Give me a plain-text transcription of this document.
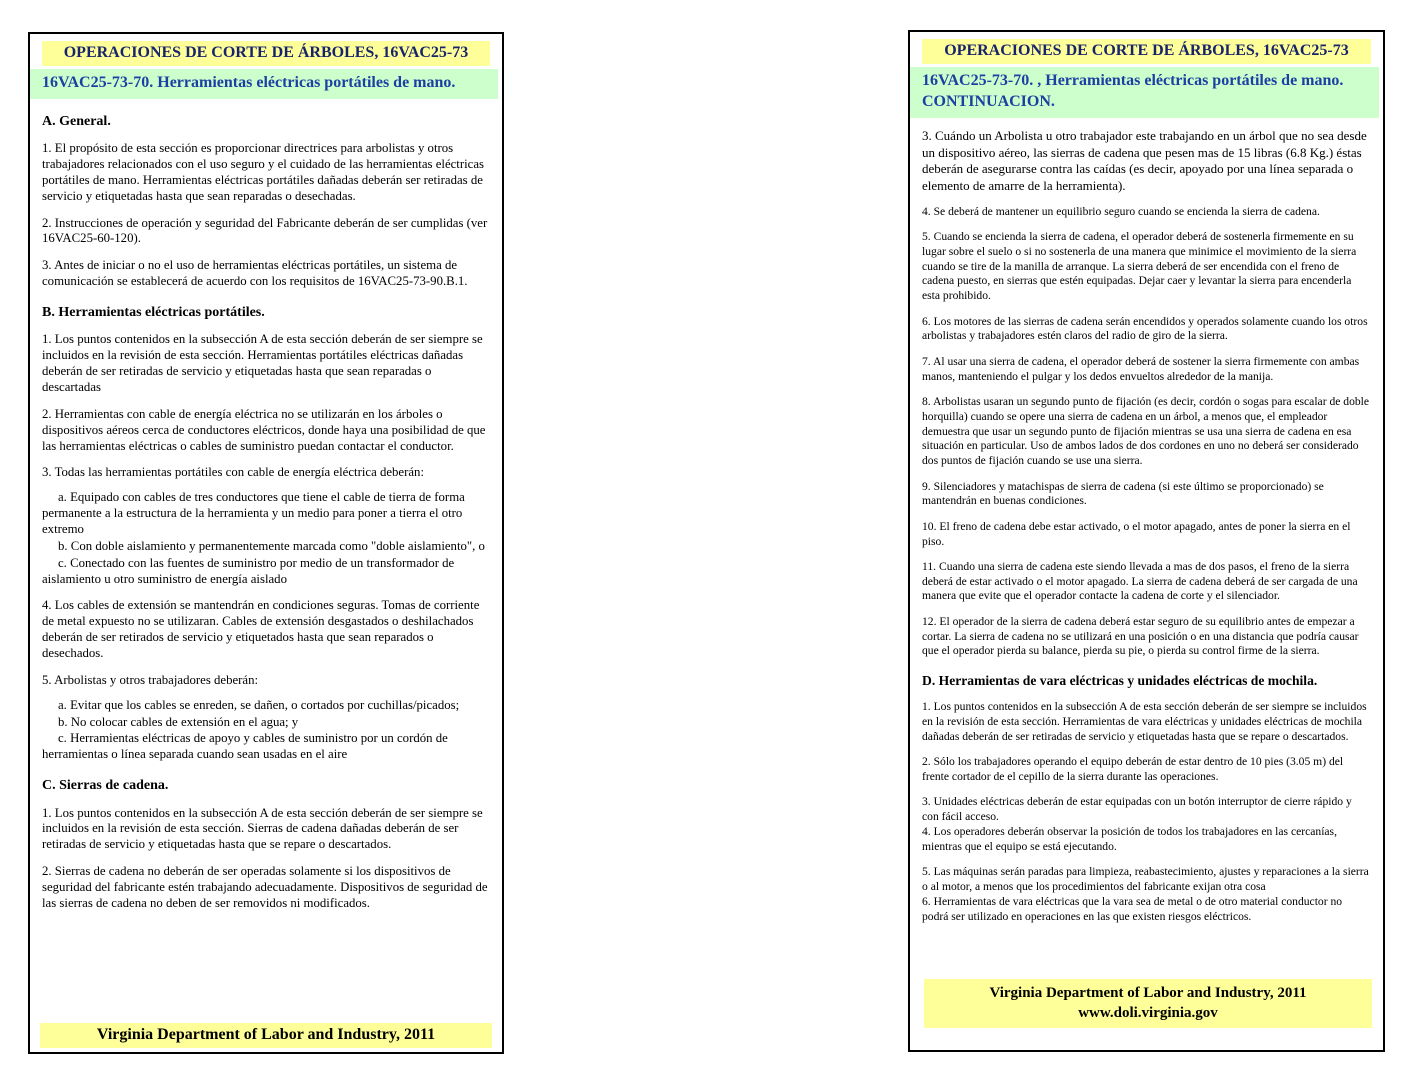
OPERACIONES DE CORTE DE ÁRBOLES, 16VAC25-73
16VAC25-73-70. Herramientas eléctricas portátiles de mano.

A. General.

1. El propósito de esta sección es proporcionar directrices para arbolistas y otros trabajadores relacionados con el uso seguro y el cuidado de las herramientas eléctricas portátiles de mano. Herramientas eléctricas portátiles dañadas deberán ser retiradas de servicio y etiquetadas hasta que sean reparadas o desechadas.

2. Instrucciones de operación y seguridad del Fabricante deberán de ser cumplidas (ver 16VAC25-60-120).

3. Antes de iniciar o no el uso de herramientas eléctricas portátiles, un sistema de comunicación se establecerá de acuerdo con los requisitos de 16VAC25-73-90.B.1.

B. Herramientas eléctricas portátiles.

1. Los puntos contenidos en la subsección A de esta sección deberán de ser siempre se incluidos en la revisión de esta sección. Herramientas portátiles eléctricas dañadas deberán de ser retiradas de servicio y etiquetadas hasta que sean reparadas o descartadas

2. Herramientas con cable de energía eléctrica no se utilizarán en los árboles o dispositivos aéreos cerca de conductores eléctricos, donde haya una posibilidad de que las herramientas eléctricas o cables de suministro puedan contactar el conductor.

3. Todas las herramientas portátiles con cable de energía eléctrica deberán:

a. Equipado con cables de tres conductores que tiene el cable de tierra de forma permanente a la estructura de la herramienta y un medio para poner a tierra el otro extremo

b. Con doble aislamiento y permanentemente marcada como "doble aislamiento", o

c. Conectado con las fuentes de suministro por medio de un transformador de aislamiento u otro suministro de energía aislado

4. Los cables de extensión se mantendrán en condiciones seguras. Tomas de corriente de metal expuesto no se utilizaran. Cables de extensión desgastados o deshilachados deberán de ser retirados de servicio y etiquetados hasta que sean reparados o desechados.

5. Arbolistas y otros trabajadores deberán:

a. Evitar que los cables se enreden, se dañen, o cortados por cuchillas/picados;

b. No colocar cables de extensión en el agua; y

c. Herramientas eléctricas de apoyo y cables de suministro por un cordón de herramientas o línea separada cuando sean usadas en el aire

C. Sierras de cadena.

1. Los puntos contenidos en la subsección A de esta sección deberán de ser siempre se incluidos en la revisión de esta sección. Sierras de cadena dañadas deberán de ser retiradas de servicio y etiquetadas hasta que se repare o descartados.

2. Sierras de cadena no deberán de ser operadas solamente si los dispositivos de seguridad del fabricante estén trabajando adecuadamente. Dispositivos de seguridad de las sierras de cadena no deben de ser removidos ni modificados.

Virginia Department of Labor and Industry, 2011
OPERACIONES DE CORTE DE ÁRBOLES, 16VAC25-73
16VAC25-73-70. , Herramientas eléctricas portátiles de mano.
CONTINUACION.

3. Cuándo un Arbolista u otro trabajador este trabajando en un árbol que no sea desde un dispositivo aéreo, las sierras de cadena que pesen mas de 15 libras (6.8 Kg.) éstas deberán de asegurarse contra las caídas (es decir, apoyado por una línea separada o elemento de amarre de la herramienta).

4. Se deberá de mantener un equilibrio seguro cuando se encienda la sierra de cadena.

5. Cuando se encienda la sierra de cadena, el operador deberá de sostenerla firmemente en su lugar sobre el suelo o si no sostenerla de una manera que minimice el movimiento de la sierra cuando se tire de la manilla de arranque. La sierra deberá de ser encendida con el freno de cadena puesto, en sierras que estén equipadas. Dejar caer y levantar la sierra para encenderla esta prohibido.

6. Los motores de las sierras de cadena serán encendidos y operados solamente cuando los otros arbolistas y trabajadores estén claros del radio de giro de la sierra.

7. Al usar una sierra de cadena, el operador deberá de sostener la sierra firmemente con ambas manos, manteniendo el pulgar y los dedos envueltos alrededor de la manija.

8. Arbolistas usaran un segundo punto de fijación (es decir, cordón o sogas para escalar de doble horquilla) cuando se opere una sierra de cadena en un árbol, a menos que, el empleador demuestra que usar un segundo punto de fijación mientras se usa una sierra de cadena en esa situación en particular. Uso de ambos lados de dos cordones en uno no deberá ser considerado dos puntos de fijación cuando se use una sierra.

9. Silenciadores y matachispas de sierra de cadena (si este último se proporcionado) se mantendrán en buenas condiciones.

10. El freno de cadena debe estar activado, o el motor apagado, antes de poner la sierra en el piso.

11. Cuando una sierra de cadena este siendo llevada a mas de dos pasos, el freno de la sierra deberá de estar activado o el motor apagado. La sierra de cadena deberá de ser cargada de una manera que evite que el operador contacte la cadena de corte y el silenciador.

12. El operador de la sierra de cadena deberá estar seguro de su equilibrio antes de empezar a cortar. La sierra de cadena no se utilizará en una posición o en una distancia que podría causar que el operador pierda su balance, pierda su pie, o pierda su control firme de la sierra.

D. Herramientas de vara eléctricas y unidades eléctricas de mochila.

1. Los puntos contenidos en la subsección A de esta sección deberán de ser siempre se incluidos en la revisión de esta sección. Herramientas de vara eléctricas y unidades eléctricas de mochila dañadas deberán de ser retiradas de servicio y etiquetadas hasta que se repare o descartados.

2. Sólo los trabajadores operando el equipo deberán de estar dentro de 10 pies (3.05 m) del frente cortador de el cepillo de la sierra durante las operaciones.

3. Unidades eléctricas deberán de estar equipadas con un botón interruptor de cierre rápido y con fácil acceso.

4. Los operadores deberán observar la posición de todos los trabajadores en las cercanías, mientras que el equipo se está ejecutando.

5. Las máquinas serán paradas para limpieza, reabastecimiento, ajustes y reparaciones a la sierra o al motor, a menos que los procedimientos del fabricante exijan otra cosa

6. Herramientas de vara eléctricas que la vara sea de metal o de otro material conductor no podrá ser utilizado en operaciones en las que existen riesgos eléctricos.

Virginia Department of Labor and Industry, 2011
www.doli.virginia.gov
